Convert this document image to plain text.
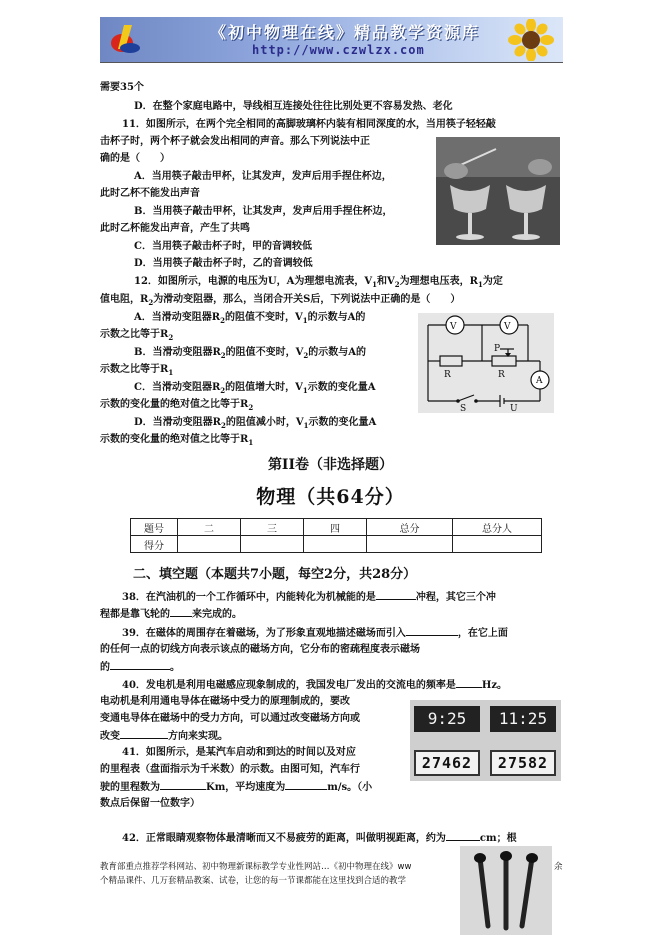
《初中物理在线》精品教学资源库
http://www.czwlzx.com
需要35个
D．在整个家庭电路中，导线相互连接处往往比别处更不容易发热、老化
11．如图所示，在两个完全相同的高脚玻璃杯内装有相同深度的水，当用筷子轻轻敲
击杯子时，两个杯子就会发出相同的声音。那么下列说法中正
确的是（　　）
A．当用筷子敲击甲杯，让其发声，发声后用手捏住杯边，
此时乙杯不能发出声音
B．当用筷子敲击甲杯，让其发声，发声后用手捏住杯边，
此时乙杯能发出声音，产生了共鸣
C．当用筷子敲击杯子时，甲的音调较低
D．当用筷子敲击杯子时，乙的音调较低
12．如图所示，电源的电压为U，A为理想电流表，$V_1$和$V_2$为理想电压表，$R_1$为定
值电阻，$R_2$为滑动变阻器，那么，当闭合开关S后，下列说法中正确的是（　　）
A．当滑动变阻器$R_2$的阻值不变时，$V_1$的示数与A的
示数之比等于$R_2$
B．当滑动变阻器$R_2$的阻值不变时，$V_2$的示数与A的
示数之比等于$R_1$
C．当滑动变阻器$R_2$的阻值增大时，$V_1$示数的变化量A
示数的变化量的绝对值之比等于$R_2$
D．当滑动变阻器$R_2$的阻值减小时，$V_1$示数的变化量A
示数的变化量的绝对值之比等于$R_1$
V	V
P
R	R
A
S	U
第II卷（非选择题）
物理（共64分）
题号	二	三	四	总分	总分人
得分					
二、填空题（本题共7小题，每空2分，共28分）
38．在汽油机的一个工作循环中，内能转化为机械能的是	冲程，其它三个冲
程都是靠飞轮的 来完成的。
39．在磁体的周围存在着磁场，为了形象直观地描述磁场而引入	，在它上面
的任何一点的切线方向表示该点的磁场方向，它分布的密疏程度表示磁场
的	。
40．发电机是利用电磁感应现象制成的，我国发电厂发出的交流电的频率是	Hz。
电动机是利用通电导体在磁场中受力的原理制成的，要改
变通电导体在磁场中的受力方向，可以通过改变磁场方向或
改变	方向来实现。
41．如图所示，是某汽车启动和到达的时间以及对应
的里程表（盘面指示为千米数）的示数。由图可知，汽车行
驶的里程数为	Km，平均速度为	m/s。（小
数点后保留一位数字）
9:25	11:25
27462	27582
42．正常眼睛观察物体最清晰而又不易疲劳的距离，叫做明视距离，约为	cm；根
教育部重点推荐学科网站、初中物理新课标教学专业性网站…《初中物理在线》ww	余
个精品课件、几万套精品教案、试卷，让您的每一节课都能在这里找到合适的教学
